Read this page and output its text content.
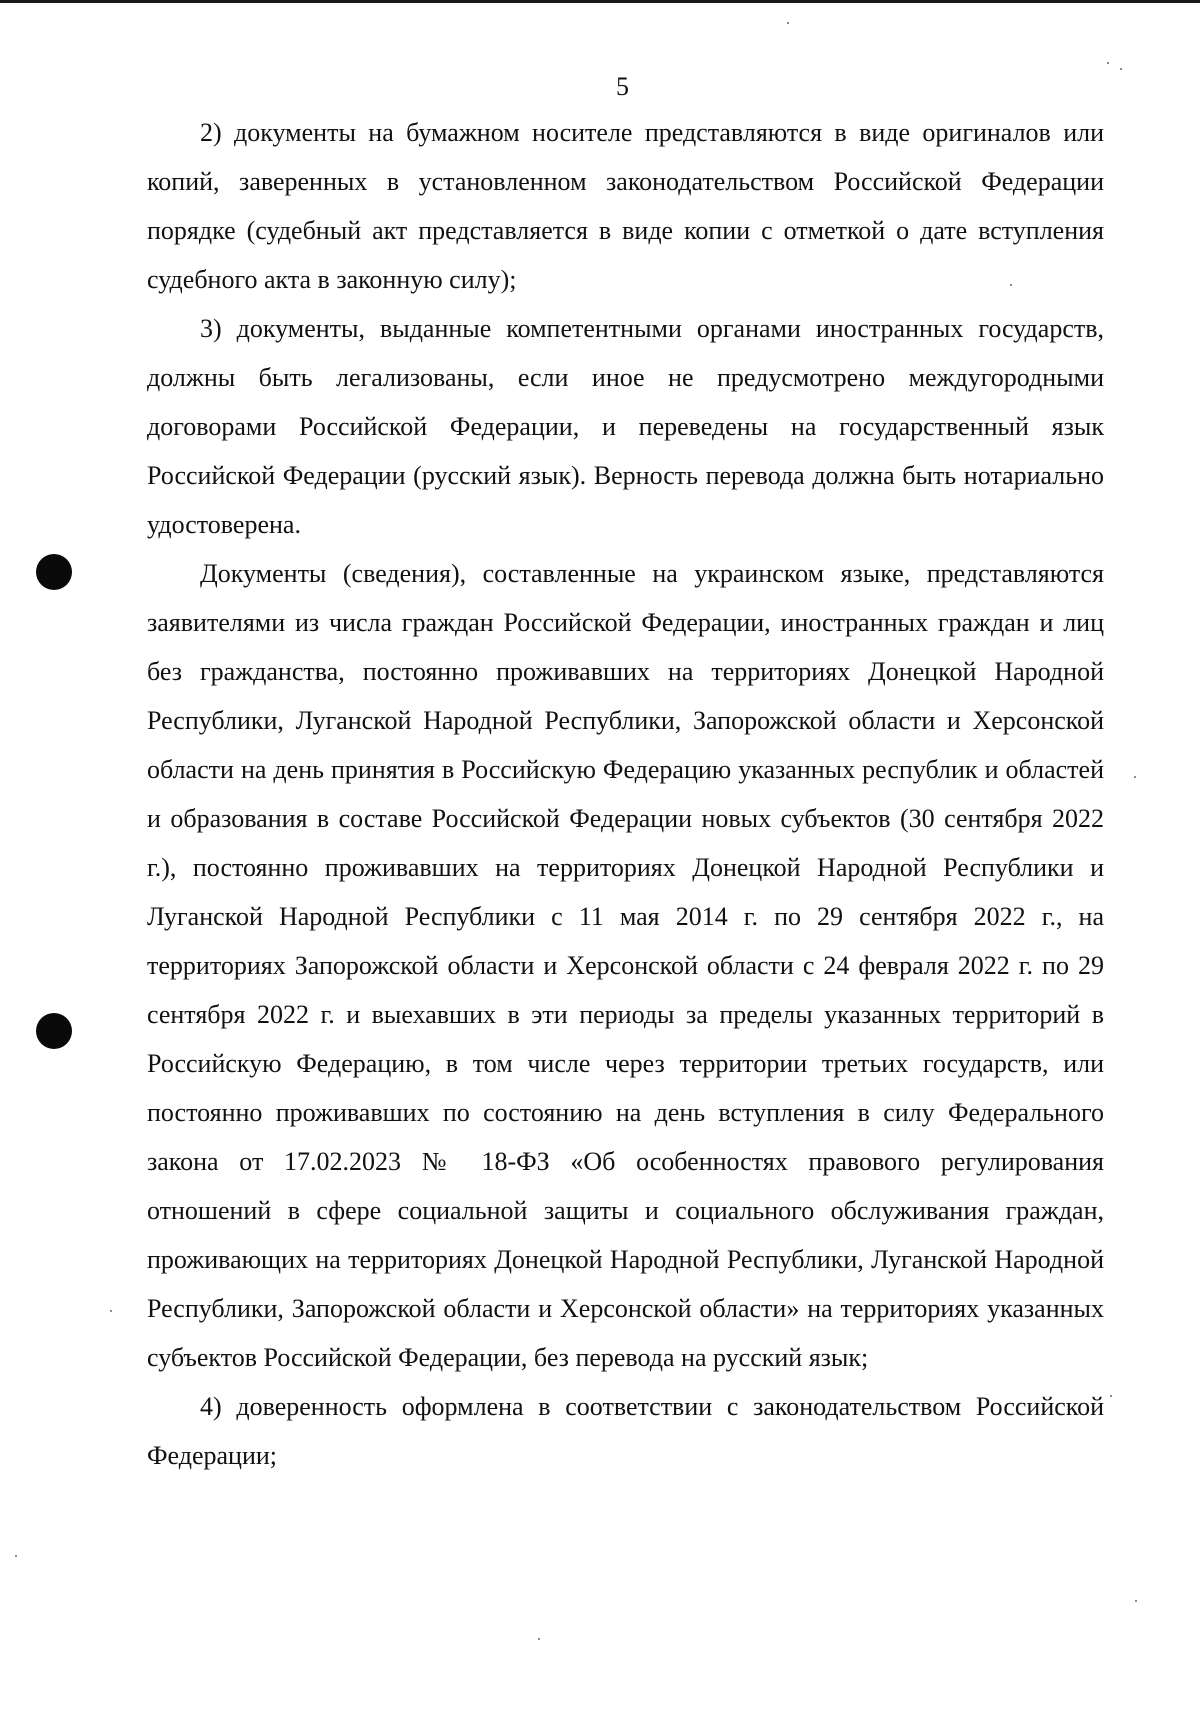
5

2) документы на бумажном носителе представляются в виде оригиналов или копий, заверенных в установленном законодательством Российской Федерации порядке (судебный акт представляется в виде копии с отметкой о дате вступления судебного акта в законную силу);

3) документы, выданные компетентными органами иностранных государств, должны быть легализованы, если иное не предусмотрено междугородными договорами Российской Федерации, и переведены на государственный язык Российской Федерации (русский язык). Верность перевода должна быть нотариально удостоверена.

Документы (сведения), составленные на украинском языке, представляются заявителями из числа граждан Российской Федерации, иностранных граждан и лиц без гражданства, постоянно проживавших на территориях Донецкой Народной Республики, Луганской Народной Республики, Запорожской области и Херсонской области на день принятия в Российскую Федерацию указанных республик и областей и образования в составе Российской Федерации новых субъектов (30 сентября 2022 г.), постоянно проживавших на территориях Донецкой Народной Республики и Луганской Народной Республики с 11 мая 2014 г. по 29 сентября 2022 г., на территориях Запорожской области и Херсонской области с 24 февраля 2022 г. по 29 сентября 2022 г. и выехавших в эти периоды за пределы указанных территорий в Российскую Федерацию, в том числе через территории третьих государств, или постоянно проживавших по состоянию на день вступления в силу Федерального закона от 17.02.2023 № 18-ФЗ «Об особенностях правового регулирования отношений в сфере социальной защиты и социального обслуживания граждан, проживающих на территориях Донецкой Народной Республики, Луганской Народной Республики, Запорожской области и Херсонской области» на территориях указанных субъектов Российской Федерации, без перевода на русский язык;

4) доверенность оформлена в соответствии с законодательством Российской Федерации;
